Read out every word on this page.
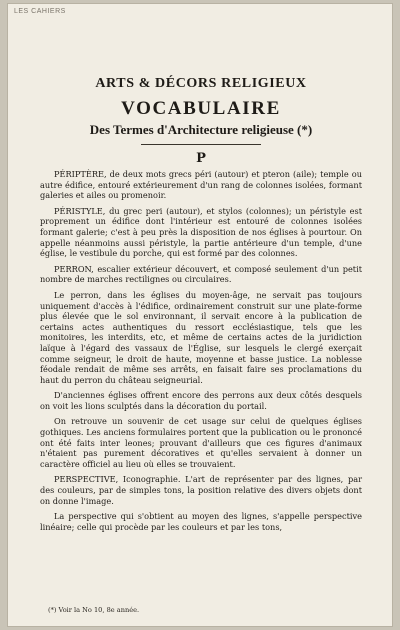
LES CAHIERS
ARTS & DÉCORS RELIGIEUX
VOCABULAIRE
Des Termes d'Architecture religieuse (*)
P

PÉRIPTÈRE, de deux mots grecs péri (autour) et pteron (aile); temple ou autre édifice, entouré extérieurement d'un rang de colonnes isolées, formant galeries et ailes ou promenoir.

PÉRISTYLE, du grec peri (autour), et stylos (colonnes); un péristyle est proprement un édifice dont l'intérieur est entouré de colonnes isolées formant galerie; c'est à peu près la disposition de nos églises à pourtour. On appelle néanmoins aussi péristyle, la partie antérieure d'un temple, d'une église, le vestibule du porche, qui est formé par des colonnes.

PERRON, escalier extérieur découvert, et composé seulement d'un petit nombre de marches rectilignes ou circulaires.

Le perron, dans les églises du moyen-âge, ne servait pas toujours uniquement d'accès à l'édifice, ordinairement construit sur une plate-forme plus élevée que le sol environnant, il servait encore à la publication de certains actes authentiques du ressort ecclésiastique, tels que les monitoires, les interdits, etc, et même de certains actes de la juridiction laïque à l'égard des vassaux de l'Église, sur lesquels le clergé exerçait comme seigneur, le droit de haute, moyenne et basse justice. La noblesse féodale rendait de même ses arrêts, en faisait faire ses proclamations du haut du perron du château seigneurial.

D'anciennes églises offrent encore des perrons aux deux côtés desquels on voit les lions sculptés dans la décoration du portail.

On retrouve un souvenir de cet usage sur celui de quelques églises gothiques. Les anciens formulaires portent que la publication ou le prononcé ont été faits inter leones; prouvant d'ailleurs que ces figures d'animaux n'étaient pas purement décoratives et qu'elles servaient à donner un caractère officiel au lieu où elles se trouvaient.

PERSPECTIVE, Iconographie. L'art de représenter par des lignes, par des couleurs, par de simples tons, la position relative des divers objets dont on donne l'image.

La perspective qui s'obtient au moyen des lignes, s'appelle perspective linéaire; celle qui procède par les couleurs et par les tons,

(*) Voir la No 10, 8e année.
